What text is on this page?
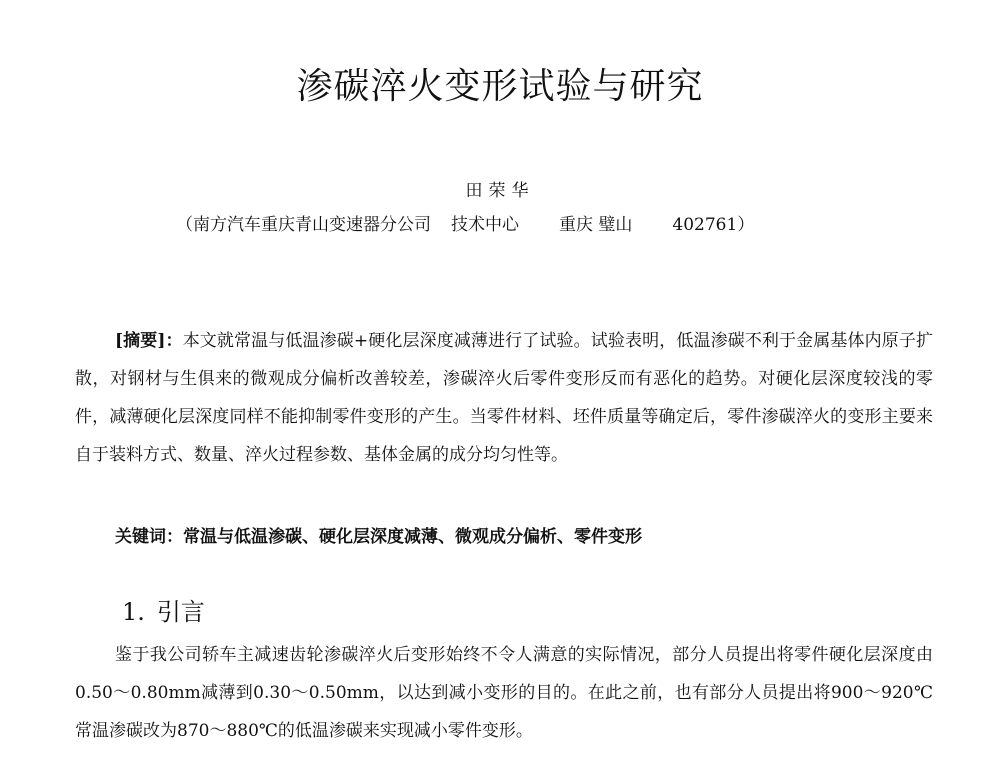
渗碳淬火变形试验与研究
田荣华
（南方汽车重庆青山变速器分公司 技术中心 重庆 璧山 402761）

[摘要]：本文就常温与低温渗碳+硬化层深度减薄进行了试验。试验表明，低温渗碳不利于金属基体内原子扩散，对钢材与生俱来的微观成分偏析改善较差，渗碳淬火后零件变形反而有恶化的趋势。对硬化层深度较浅的零件，减薄硬化层深度同样不能抑制零件变形的产生。当零件材料、坯件质量等确定后，零件渗碳淬火的变形主要来自于装料方式、数量、淬火过程参数、基体金属的成分均匀性等。

关键词：常温与低温渗碳、硬化层深度减薄、微观成分偏析、零件变形
1. 引言

鉴于我公司轿车主减速齿轮渗碳淬火后变形始终不令人满意的实际情况，部分人员提出将零件硬化层深度由0.50～0.80mm减薄到0.30～0.50mm，以达到减小变形的目的。在此之前，也有部分人员提出将900～920℃常温渗碳改为870～880℃的低温渗碳来实现减小零件变形。
